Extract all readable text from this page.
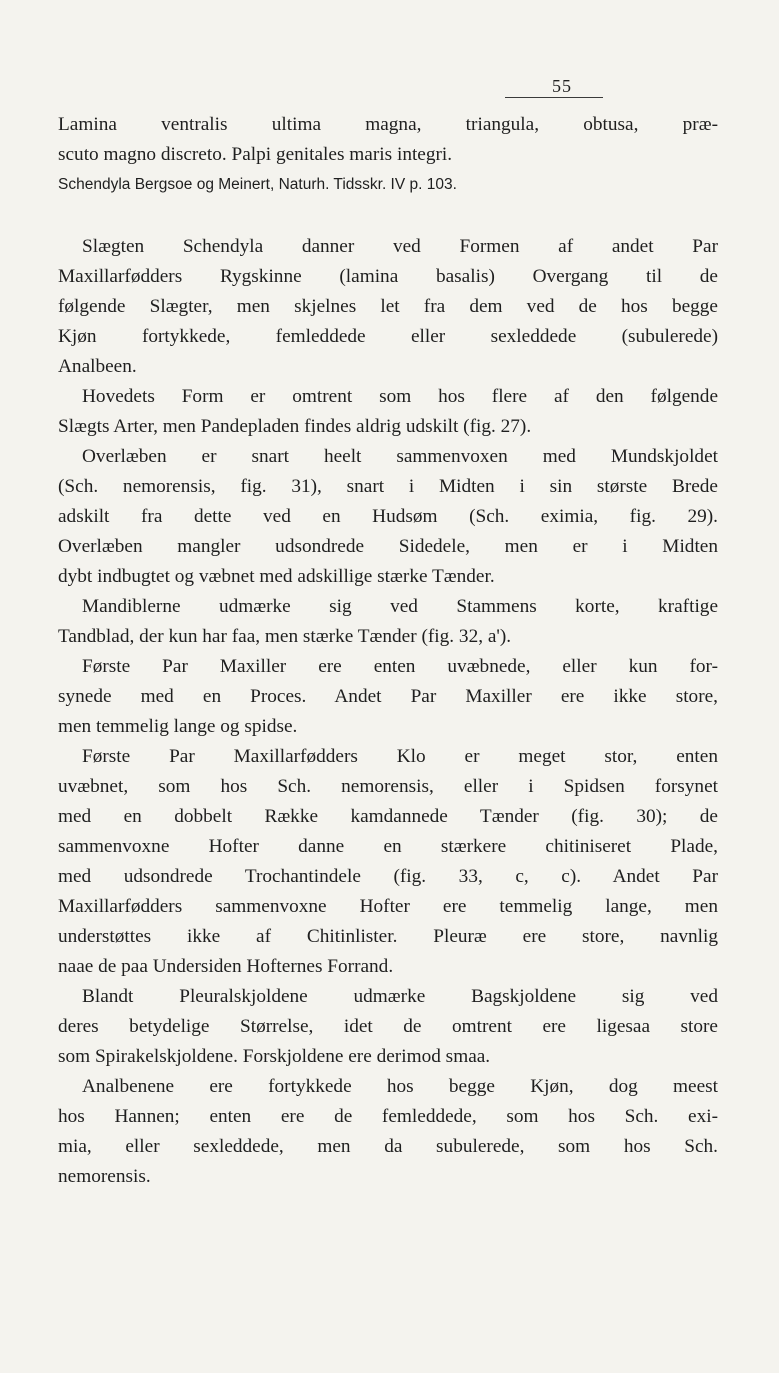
55
Lamina ventralis ultima magna, triangula, obtusa, præ-
scuto magno discreto. Palpi genitales maris integri.
Schendyla Bergsoe og Meinert, Naturh. Tidsskr. IV p. 103.
Slægten Schendyla danner ved Formen af andet Par
Maxillarfødders Rygskinne (lamina basalis) Overgang til de
følgende Slægter, men skjelnes let fra dem ved de hos begge
Kjøn fortykkede, femleddede eller sexleddede (subulerede)
Analbeen.
Hovedets Form er omtrent som hos flere af den følgende
Slægts Arter, men Pandepladen findes aldrig udskilt (fig. 27).
Overlæben er snart heelt sammenvoxen med Mundskjoldet
(Sch. nemorensis, fig. 31), snart i Midten i sin største Brede
adskilt fra dette ved en Hudsøm (Sch. eximia, fig. 29).
Overlæben mangler udsondrede Sidedele, men er i Midten
dybt indbugtet og væbnet med adskillige stærke Tænder.
Mandiblerne udmærke sig ved Stammens korte, kraftige
Tandblad, der kun har faa, men stærke Tænder (fig. 32, a').
Første Par Maxiller ere enten uvæbnede, eller kun for-
synede med en Proces. Andet Par Maxiller ere ikke store,
men temmelig lange og spidse.
Første Par Maxillarfødders Klo er meget stor, enten
uvæbnet, som hos Sch. nemorensis, eller i Spidsen forsynet
med en dobbelt Række kamdannede Tænder (fig. 30); de
sammenvoxne Hofter danne en stærkere chitiniseret Plade,
med udsondrede Trochantindele (fig. 33, c, c). Andet Par
Maxillarfødders sammenvoxne Hofter ere temmelig lange, men
understøttes ikke af Chitinlister. Pleuræ ere store, navnlig
naae de paa Undersiden Hofternes Forrand.
Blandt Pleuralskjoldene udmærke Bagskjoldene sig ved
deres betydelige Størrelse, idet de omtrent ere ligesaa store
som Spirakelskjoldene. Forskjoldene ere derimod smaa.
Analbenene ere fortykkede hos begge Kjøn, dog meest
hos Hannen; enten ere de femleddede, som hos Sch. exi-
mia, eller sexleddede, men da subulerede, som hos Sch.
nemorensis.
